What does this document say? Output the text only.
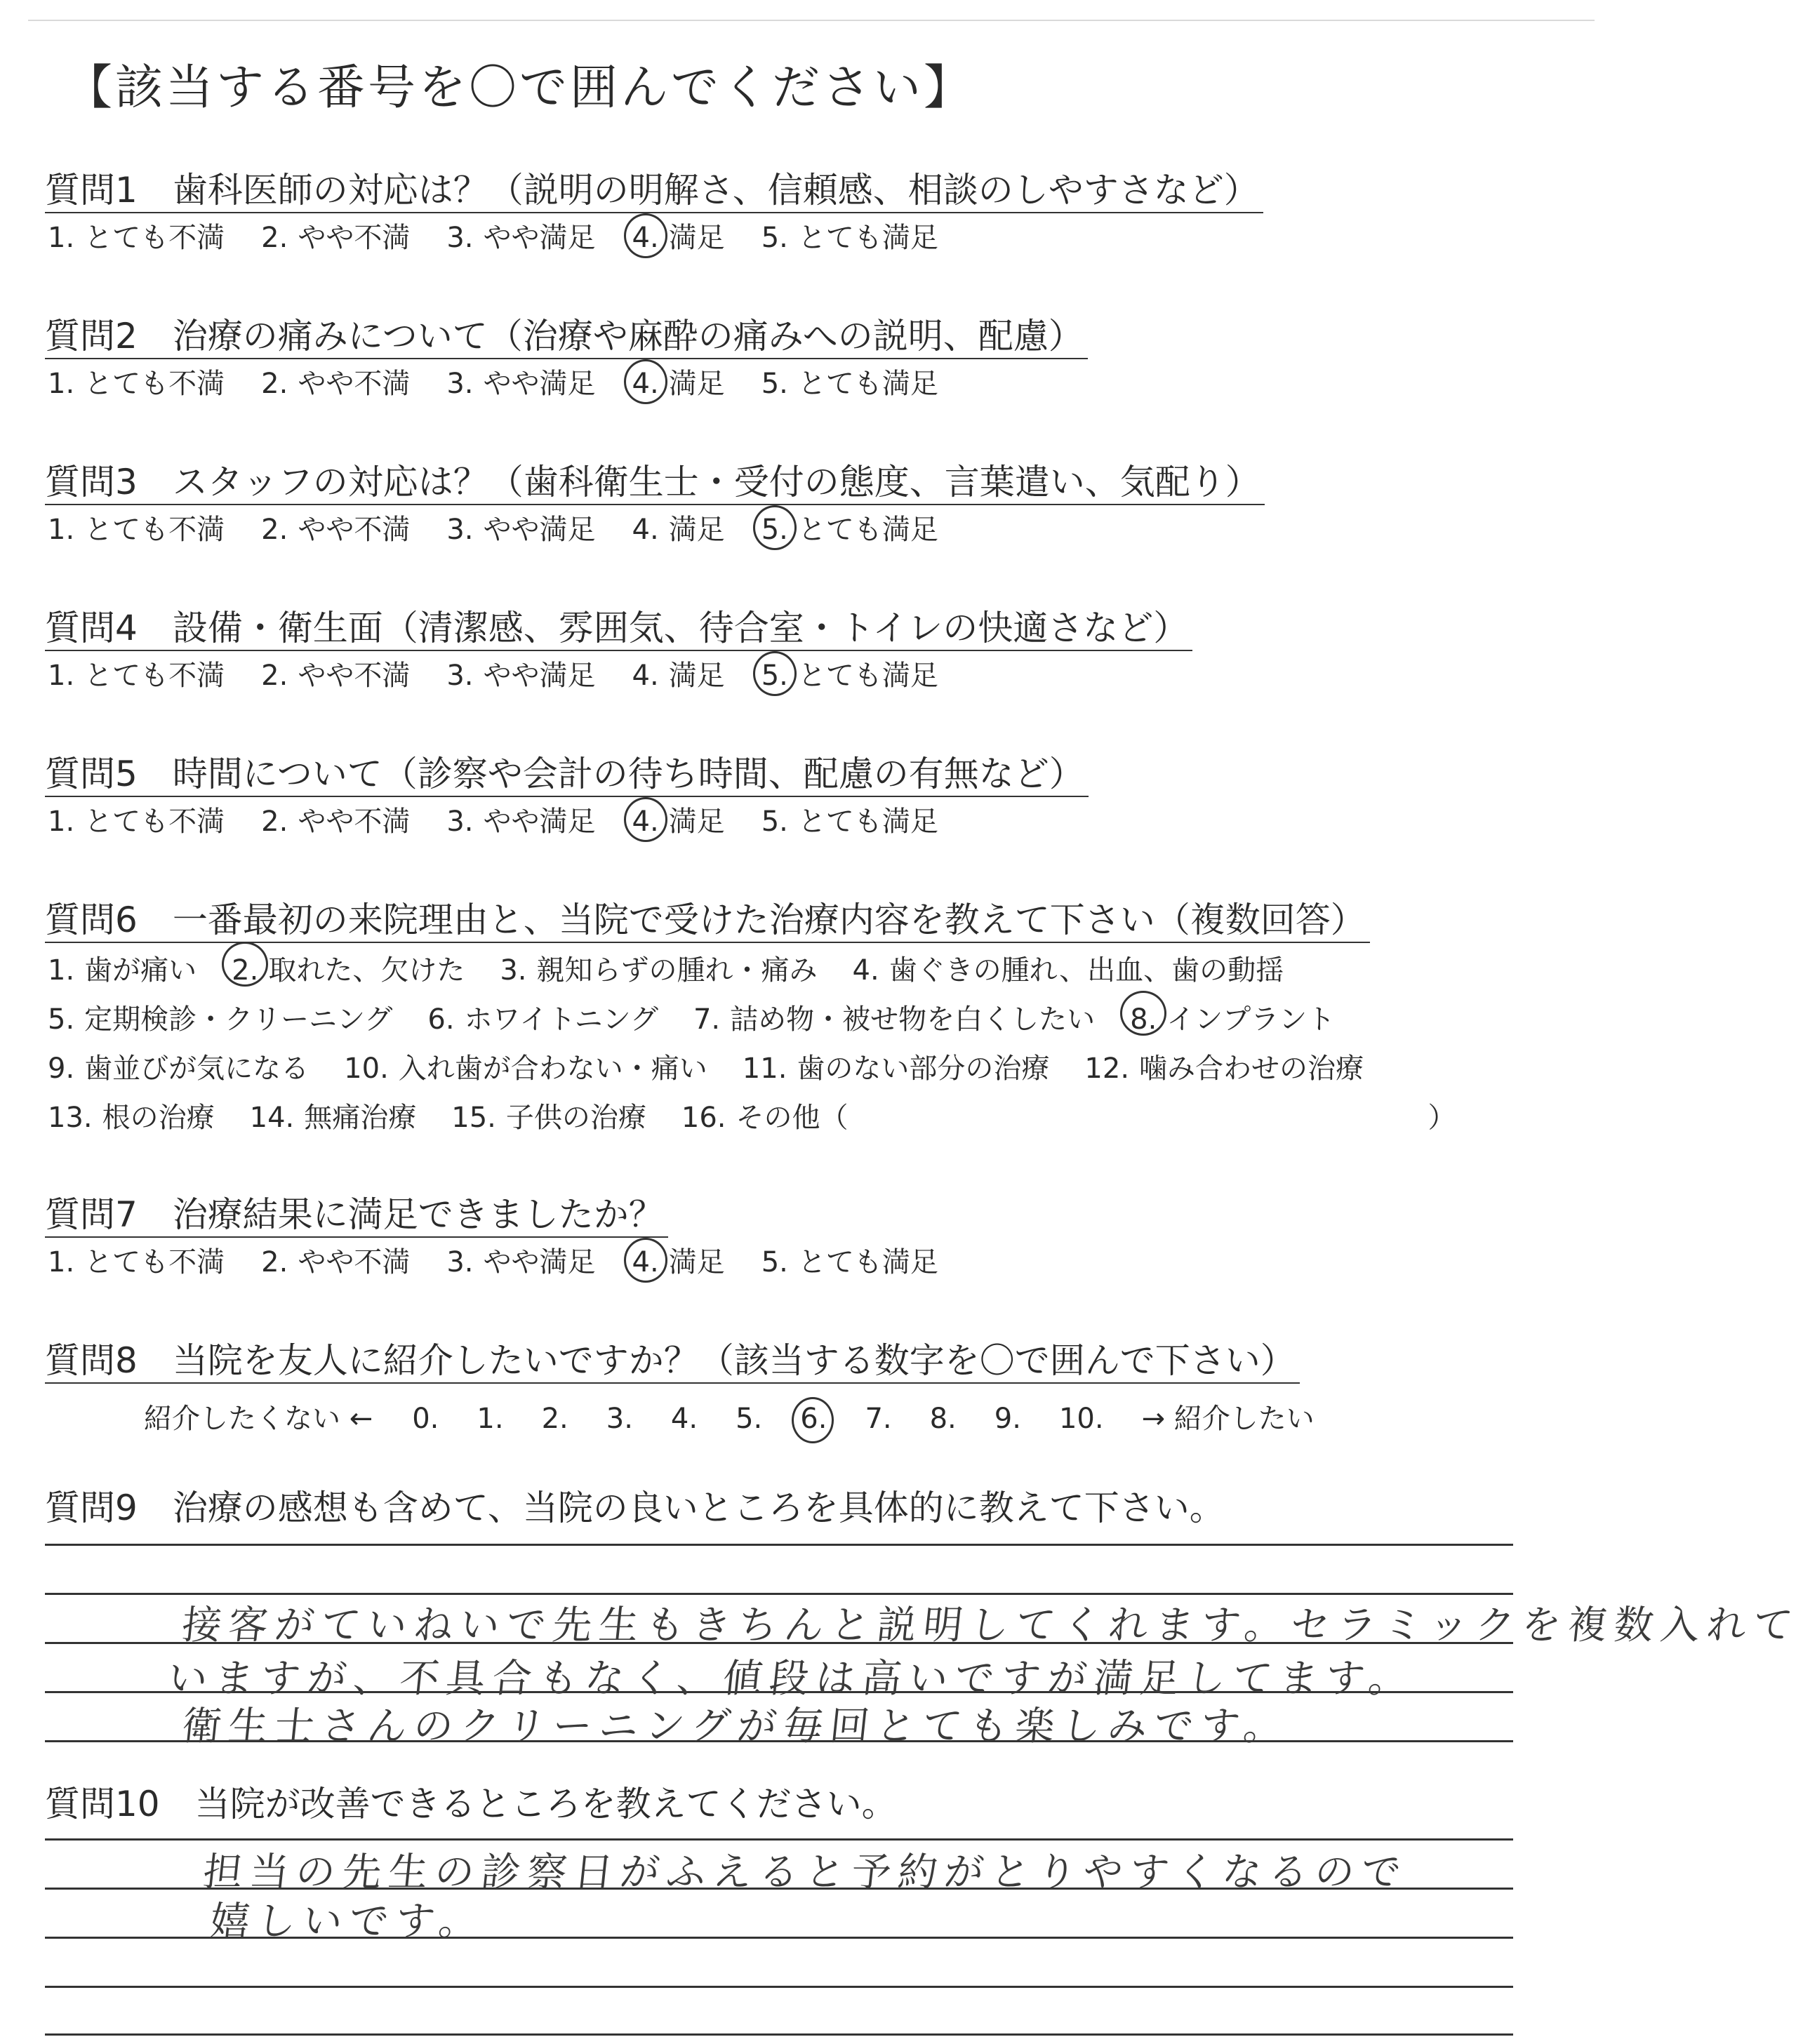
【該当する番号を〇で囲んでください】
質問1　 歯科医師の対応は？（説明の明解さ、信頼感、相談のしやすさなど）
1. とても不満 2. やや不満 3. やや満足 4. 満足 5. とても満足
質問2　 治療の痛みについて（治療や麻酔の痛みへの説明、配慮）
1. とても不満 2. やや不満 3. やや満足 4. 満足 5. とても満足
質問3　 スタッフの対応は？（歯科衛生士・受付の態度、言葉遣い、気配り）
1. とても不満 2. やや不満 3. やや満足 4. 満足 5. とても満足
質問4　 設備・衛生面（清潔感、雰囲気、待合室・トイレの快適さなど）
1. とても不満 2. やや不満 3. やや満足 4. 満足 5. とても満足
質問5　 時間について（診察や会計の待ち時間、配慮の有無など）
1. とても不満 2. やや不満 3. やや満足 4. 満足 5. とても満足
質問6　 一番最初の来院理由と、当院で受けた治療内容を教えて下さい（複数回答）
1. 歯が痛い 2. 取れた、欠けた 3. 親知らずの腫れ・痛み 4. 歯ぐきの腫れ、出血、歯の動揺
5. 定期検診・クリーニング 6. ホワイトニング 7. 詰め物・被せ物を白くしたい 8. インプラント
9. 歯並びが気になる 10. 入れ歯が合わない・痛い 11. 歯のない部分の治療 12. 噛み合わせの治療
13. 根の治療 14. 無痛治療 15. 子供の治療 16. その他（	）
質問7　 治療結果に満足できましたか？
1. とても不満 2. やや不満 3. やや満足 4. 満足 5. とても満足
質問8　 当院を友人に紹介したいですか？（該当する数字を〇で囲んで下さい）
紹介したくない ← 0. 1. 2. 3. 4. 5. 6. 7. 8. 9. 10. → 紹介したい
質問9　 治療の感想も含めて、当院の良いところを具体的に教えて下さい。
接客がていねいで先生もきちんと説明してくれます。セラミックを複数入れて
いますが、不具合もなく、値段は高いですが満足してます。
衛生士さんのクリーニングが毎回とても楽しみです。
質問10　 当院が改善できるところを教えてください。
担当の先生の診察日がふえると予約がとりやすくなるので
嬉しいです。
